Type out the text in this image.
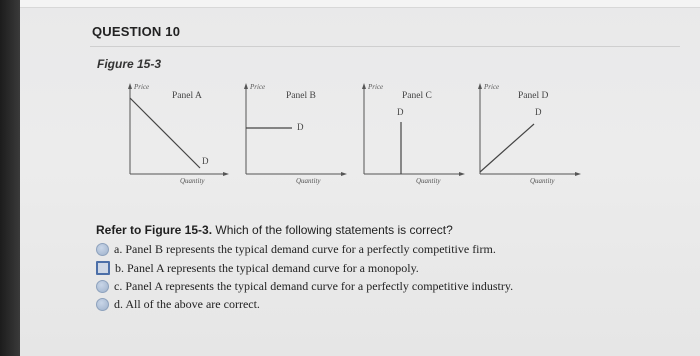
QUESTION 10
Figure 15-3
Price
Panel A
D
Quantity
Price
Panel B
D
Quantity
Price
Panel C
D
Quantity
Price
Panel D
D
Quantity
Refer to Figure 15-3. Which of the following statements is correct?
a. Panel B represents the typical demand curve for a perfectly competitive firm.
b. Panel A represents the typical demand curve for a monopoly.
c. Panel A represents the typical demand curve for a perfectly competitive industry.
d. All of the above are correct.
